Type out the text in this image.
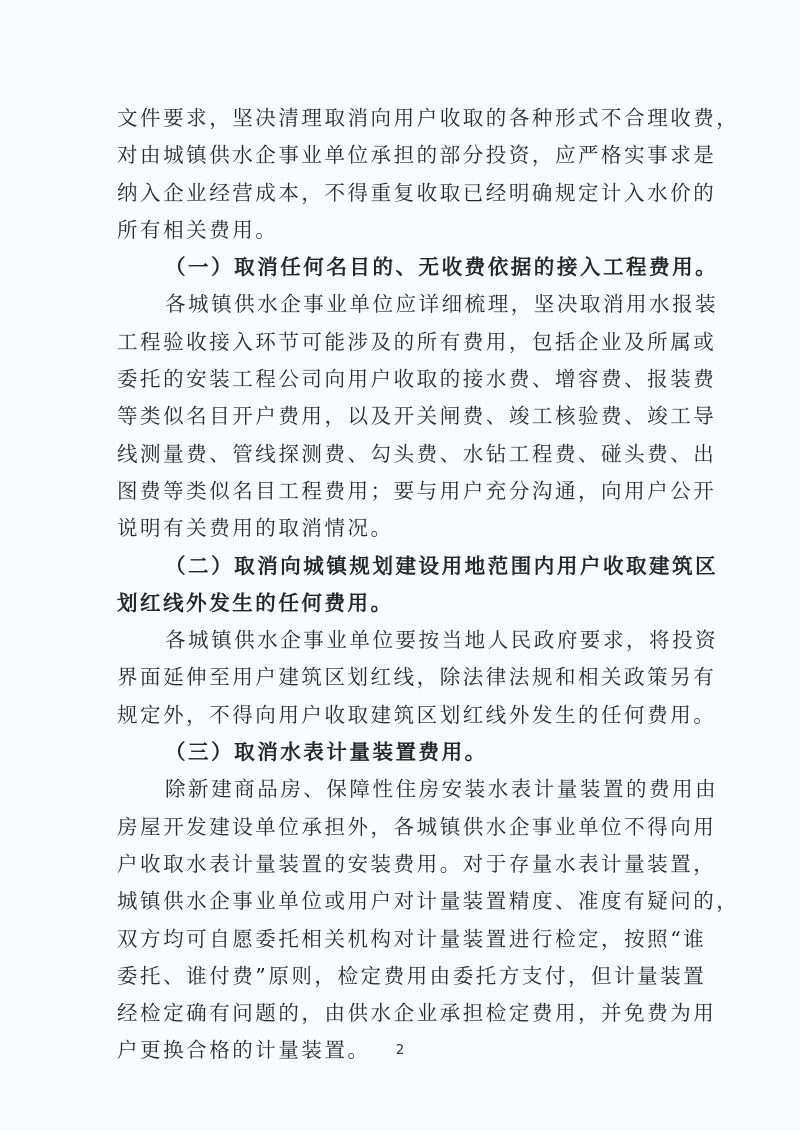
文件要求，坚决清理取消向用户收取的各种形式不合理收费，
对由城镇供水企事业单位承担的部分投资，应严格实事求是
纳入企业经营成本，不得重复收取已经明确规定计入水价的
所有相关费用。
（一）取消任何名目的、无收费依据的接入工程费用。
各城镇供水企事业单位应详细梳理，坚决取消用水报装
工程验收接入环节可能涉及的所有费用，包括企业及所属或
委托的安装工程公司向用户收取的接水费、增容费、报装费
等类似名目开户费用，以及开关闸费、竣工核验费、竣工导
线测量费、管线探测费、勾头费、水钻工程费、碰头费、出
图费等类似名目工程费用；要与用户充分沟通，向用户公开
说明有关费用的取消情况。
（二）取消向城镇规划建设用地范围内用户收取建筑区
划红线外发生的任何费用。
各城镇供水企事业单位要按当地人民政府要求，将投资
界面延伸至用户建筑区划红线，除法律法规和相关政策另有
规定外，不得向用户收取建筑区划红线外发生的任何费用。
（三）取消水表计量装置费用。
除新建商品房、保障性住房安装水表计量装置的费用由
房屋开发建设单位承担外，各城镇供水企事业单位不得向用
户收取水表计量装置的安装费用。对于存量水表计量装置，
城镇供水企事业单位或用户对计量装置精度、准度有疑问的，
双方均可自愿委托相关机构对计量装置进行检定，按照“谁
委托、谁付费”原则，检定费用由委托方支付，但计量装置
经检定确有问题的，由供水企业承担检定费用，并免费为用
户更换合格的计量装置。	2
